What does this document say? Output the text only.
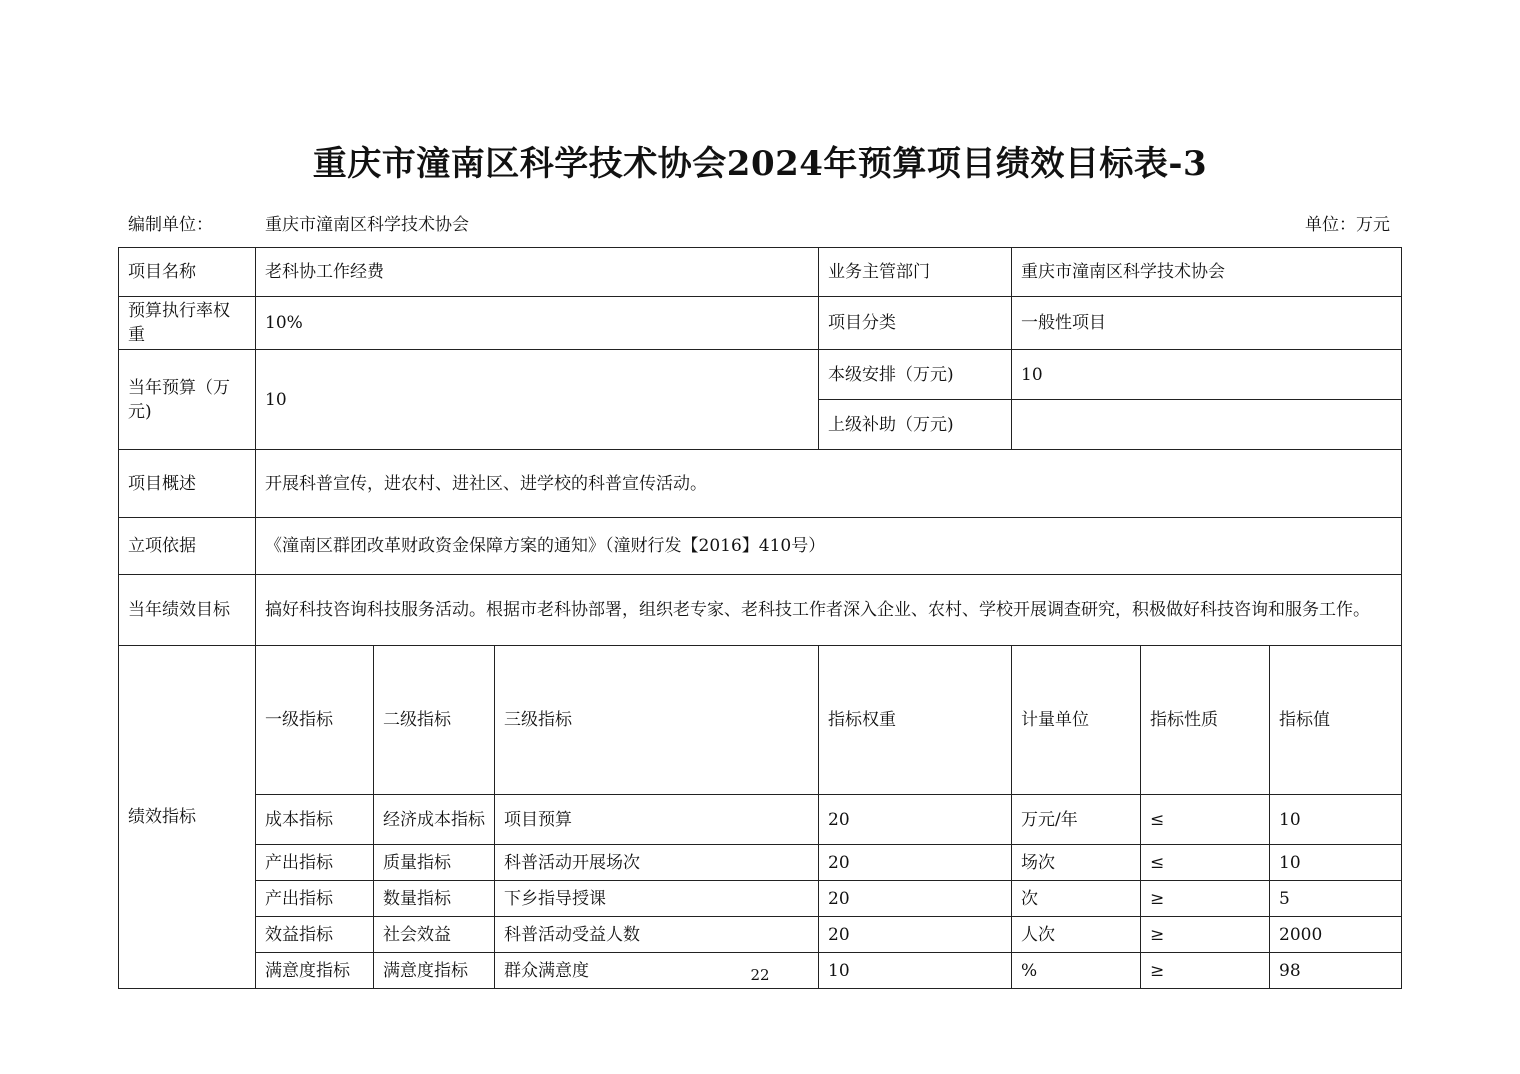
重庆市潼南区科学技术协会2024年预算项目绩效目标表-3
编制单位：	重庆市潼南区科学技术协会	单位：万元
项目名称	老科协工作经费			业务主管部门	重庆市潼南区科学技术协会			
预算执行率权重	10%			项目分类	一般性项目			
当年预算（万元)	10			本级安排（万元)	10			
				上级补助（万元)				
项目概述	开展科普宣传，进农村、进社区、进学校的科普宣传活动。							
立项依据	《潼南区群团改革财政资金保障方案的通知》（潼财行发【2016】410号）							
当年绩效目标	搞好科技咨询科技服务活动。根据市老科协部署，组织老专家、老科技工作者深入企业、农村、学校开展调查研究，积极做好科技咨询和服务工作。							
绩效指标	一级指标	二级指标	三级指标	指标权重	计量单位	指标性质	指标值	
	成本指标	经济成本指标	项目预算	20	万元/年	≤	10	
	产出指标	质量指标	科普活动开展场次	20	场次	≤	10	
	产出指标	数量指标	下乡指导授课	20	次	≥	5	
	效益指标	社会效益	科普活动受益人数	20	人次	≥	2000	
	满意度指标	满意度指标	群众满意度	10	%	≥	98	
22
